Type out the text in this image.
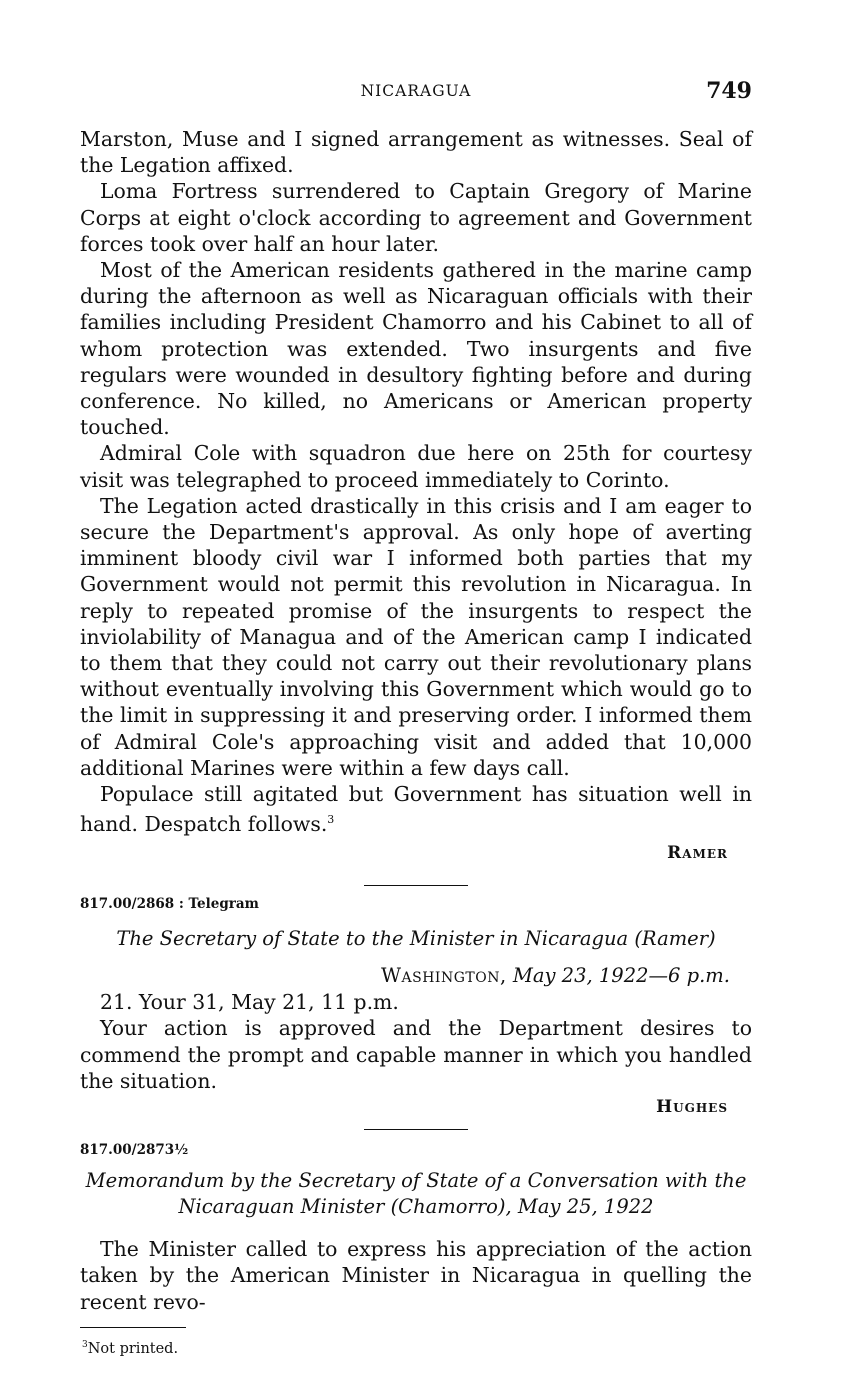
NICARAGUA	749

Marston, Muse and I signed arrangement as witnesses. Seal of the Legation affixed.

Loma Fortress surrendered to Captain Gregory of Marine Corps at eight o'clock according to agreement and Government forces took over half an hour later.

Most of the American residents gathered in the marine camp during the afternoon as well as Nicaraguan officials with their families including President Chamorro and his Cabinet to all of whom protection was extended. Two insurgents and five regulars were wounded in desultory fighting before and during conference. No killed, no Americans or American property touched.

Admiral Cole with squadron due here on 25th for courtesy visit was telegraphed to proceed immediately to Corinto.

The Legation acted drastically in this crisis and I am eager to secure the Department's approval. As only hope of averting imminent bloody civil war I informed both parties that my Government would not permit this revolution in Nicaragua. In reply to repeated promise of the insurgents to respect the inviolability of Managua and of the American camp I indicated to them that they could not carry out their revolutionary plans without eventually involving this Government which would go to the limit in suppressing it and preserving order. I informed them of Admiral Cole's approaching visit and added that 10,000 additional Marines were within a few days call.

Populace still agitated but Government has situation well in hand. Despatch follows.$^3$

Ramer

817.00/2868 : Telegram

The Secretary of State to the Minister in Nicaragua (Ramer)

Washington, May 23, 1922—6 p.m.

21. Your 31, May 21, 11 p.m.

Your action is approved and the Department desires to commend the prompt and capable manner in which you handled the situation.

Hughes

817.00/2873½

Memorandum by the Secretary of State of a Conversation with the Nicaraguan Minister (Chamorro), May 25, 1922

The Minister called to express his appreciation of the action taken by the American Minister in Nicaragua in quelling the recent revo-

$^3$Not printed.
